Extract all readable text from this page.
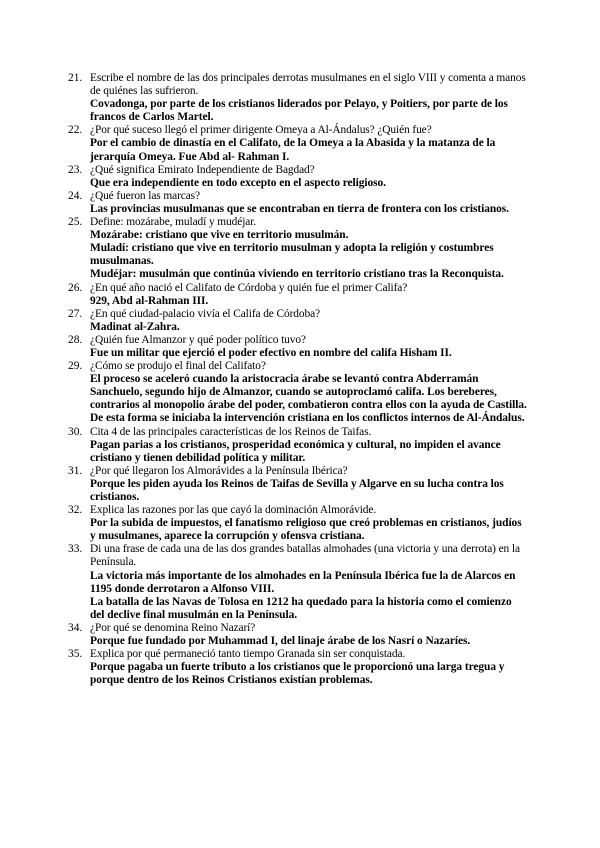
21. Escribe el nombre de las dos principales derrotas musulmanes en el siglo VIII y comenta a manos de quiénes las sufrieron.
Covadonga, por parte de los cristianos liderados por Pelayo, y Poitiers, por parte de los francos de Carlos Martel.
22. ¿Por qué suceso llegó el primer dirigente Omeya a Al-Ándalus? ¿Quién fue?
Por el cambio de dinastía en el Califato, de la Omeya a la Abasida y la matanza de la jerarquía Omeya. Fue Abd al- Rahman I.
23. ¿Qué significa Emirato Independiente de Bagdad?
Que era independiente en todo excepto en el aspecto religioso.
24. ¿Qué fueron las marcas?
Las provincias musulmanas que se encontraban en tierra de frontera con los cristianos.
25. Define: mozárabe, muladí y mudéjar.
Mozárabe: cristiano que vive en territorio musulmán.
Muladí: cristiano que vive en territorio musulman y adopta la religión y costumbres musulmanas.
Mudéjar: musulmán que continúa viviendo en territorio cristiano tras la Reconquista.
26. ¿En qué año nació el Califato de Córdoba y quién fue el primer Califa?
929, Abd al-Rahman III.
27. ¿En qué ciudad-palacio vivía el Califa de Córdoba?
Madinat al-Zahra.
28. ¿Quién fue Almanzor y qué poder político tuvo?
Fue un militar que ejerció el poder efectivo en nombre del califa Hisham II.
29. ¿Cómo se produjo el final del Califato?
El proceso se aceleró cuando la aristocracia árabe se levantó contra Abderramán Sanchuelo, segundo hijo de Almanzor, cuando se autoproclamó califa. Los bereberes, contrarios al monopolio árabe del poder, combatieron contra ellos con la ayuda de Castilla. De esta forma se iniciaba la intervención cristiana en los conflictos internos de Al-Ándalus.
30. Cita 4 de las principales características de los Reinos de Taifas.
Pagan parias a los cristianos, prosperidad económica y cultural, no impiden el avance cristiano y tienen debilidad política y militar.
31. ¿Por qué llegaron los Almorávides a la Península Ibérica?
Porque les piden ayuda los Reinos de Taifas de Sevilla y Algarve en su lucha contra los cristianos.
32. Explica las razones por las que cayó la dominación Almorávide.
Por la subida de impuestos, el fanatismo religioso que creó problemas en cristianos, judíos y musulmanes, aparece la corrupción y ofensva cristiana.
33. Di una frase de cada una de las dos grandes batallas almohades (una victoria y una derrota) en la Península.
La victoria más importante de los almohades en la Península Ibérica fue la de Alarcos en 1195 donde derrotaron a Alfonso VIII.
La batalla de las Navas de Tolosa en 1212 ha quedado para la historia como el comienzo del declive final musulmán en la Península.
34. ¿Por qué se denomina Reino Nazarí?
Porque fue fundado por Muhammad I, del linaje árabe de los Nasrí o Nazaríes.
35. Explica por qué permaneció tanto tiempo Granada sin ser conquistada.
Porque pagaba un fuerte tributo a los cristianos que le proporcionó una larga tregua y porque dentro de los Reinos Cristianos existían problemas.
